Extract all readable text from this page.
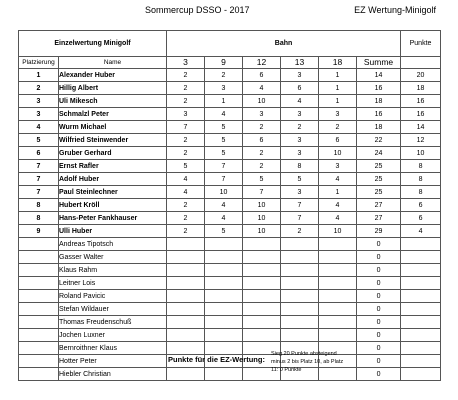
Sommercup DSSO - 2017	EZ Wertung-Minigolf
Einzelwertung Minigolf		Bahn						Punkte
Platzierung	Name	3	9	12	13	18	Summe	
1	Alexander Huber	2	2	6	3	1	14	20
2	Hillig Albert	2	3	4	6	1	16	18
3	Uli Mikesch	2	1	10	4	1	18	16
3	Schmalzl Peter	3	4	3	3	3	16	16
4	Wurm Michael	7	5	2	2	2	18	14
5	Wilfried Steinwender	2	5	6	3	6	22	12
6	Gruber Gerhard	2	5	2	3	10	24	10
7	Ernst Rafler	5	7	2	8	3	25	8
7	Adolf Huber	4	7	5	5	4	25	8
7	Paul Steinlechner	4	10	7	3	1	25	8
8	Hubert Kröll	2	4	10	7	4	27	6
8	Hans-Peter Fankhauser	2	4	10	7	4	27	6
9	Ulli Huber	2	5	10	2	10	29	4
	Andreas Tipotsch						0	
	Gasser Walter						0	
	Klaus Rahm						0	
	Leitner Lois						0	
	Roland Pavicic						0	
	Stefan Wildauer						0	
	Thomas Freudenschuß						0	
	Jochen Luxner						0	
	Bernroithner Klaus						0	
	Hotter Peter						0	
	Hiebler Christian						0	
Punkte für die EZ-Wertung:
Sieg 20 Punkte absteigend
minus 2 bis Platz 10, ab Platz
11: 0 Punkte
